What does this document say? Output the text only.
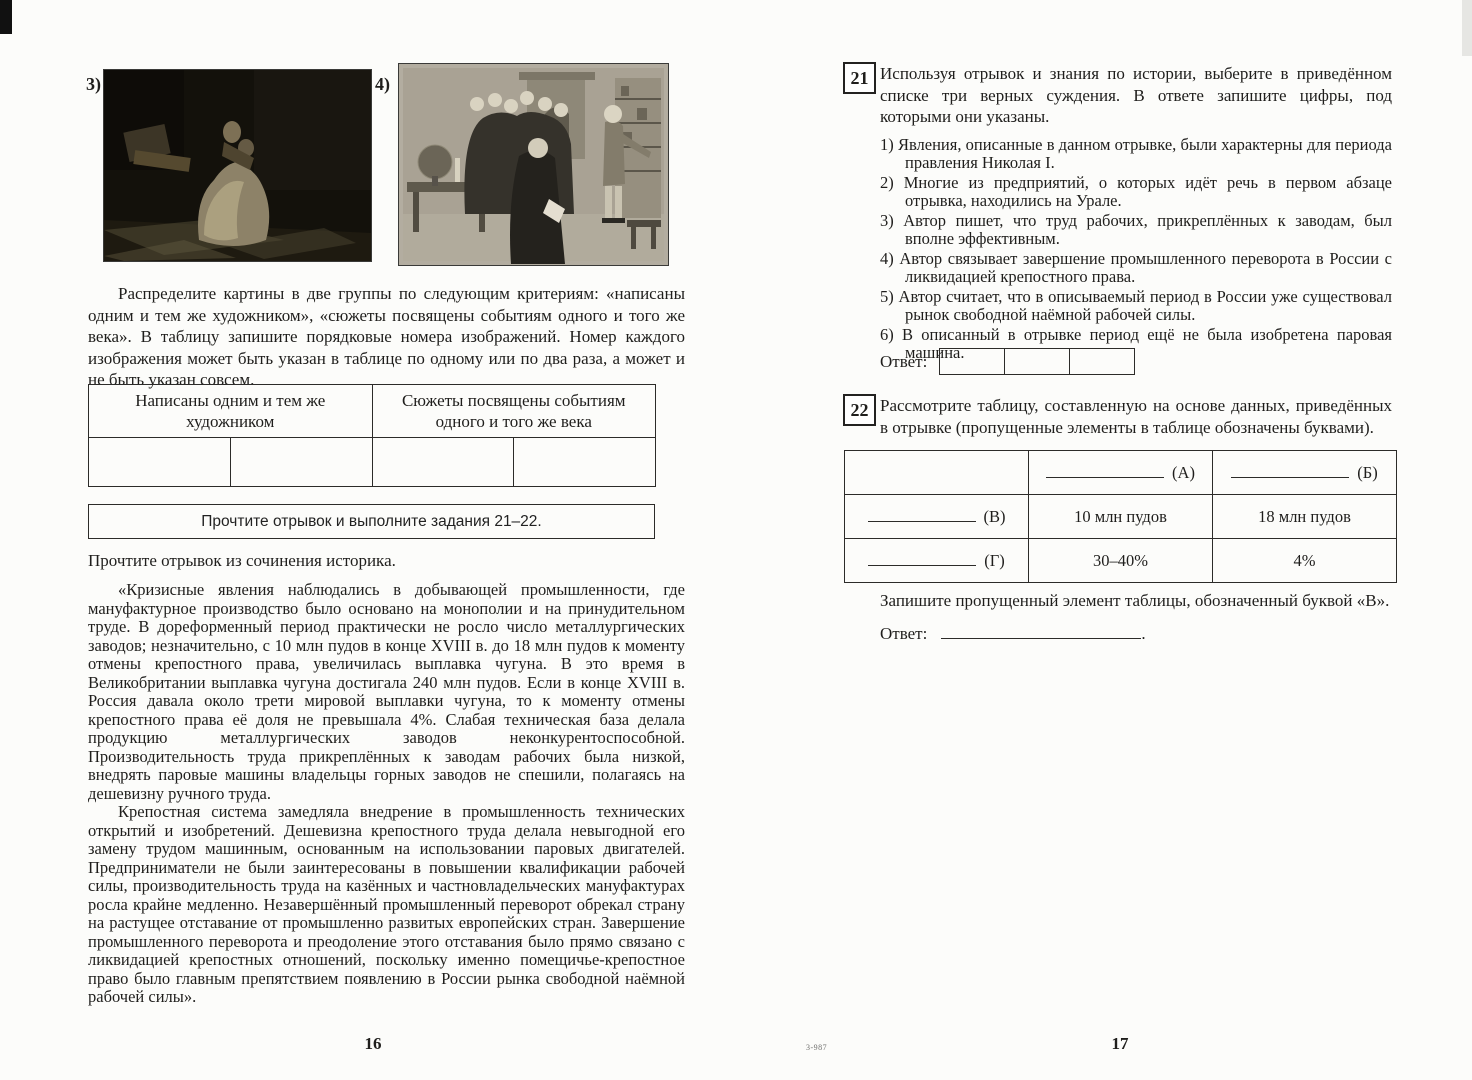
3)	4)

Распределите картины в две группы по следующим критериям: «написаны одним и тем же художником», «сюжеты посвящены событиям одного и того же века». В таблицу запишите порядковые номера изображений. Номер каждого изображения может быть указан в таблице по одному или по два раза, а может и не быть указан совсем.

Написаны одним и тем же художником		Сюжеты посвящены событиям одного и того же века	

Прочтите отрывок и выполните задания 21–22.
Прочтите отрывок из сочинения историка.

«Кризисные явления наблюдались в добывающей промышленности, где мануфактурное производство было основано на монополии и на принудительном труде. В дореформенный период практически не росло число металлургических заводов; незначительно, с 10 млн пудов в конце XVIII в. до 18 млн пудов к моменту отмены крепостного права, увеличилась выплавка чугуна. В это время в Великобритании выплавка чугуна достигала 240 млн пудов. Если в конце XVIII в. Россия давала около трети мировой выплавки чугуна, то к моменту отмены крепостного права её доля не превышала 4%. Слабая техническая база делала продукцию металлургических заводов неконкурентоспособной. Производительность труда прикреплённых к заводам рабочих была низкой, внедрять паровые машины владельцы горных заводов не спешили, полагаясь на дешевизну ручного труда.

Крепостная система замедляла внедрение в промышленность технических открытий и изобретений. Дешевизна крепостного труда делала невыгодной его замену трудом машинным, основанным на использовании паровых двигателей. Предприниматели не были заинтересованы в повышении квалификации рабочей силы, производительность труда на казённых и частновладельческих мануфактурах росла крайне медленно. Незавершённый промышленный переворот обрекал страну на растущее отставание от промышленно развитых европейских стран. Завершение промышленного переворота и преодоление этого отставания было прямо связано с ликвидацией крепостных отношений, поскольку именно помещичье-крепостное право было главным препятствием появлению в России рынка свободной наёмной рабочей силы».

16
21 Используя отрывок и знания по истории, выберите в приведённом списке три верных суждения. В ответе запишите цифры, под которыми они указаны.

1) Явления, описанные в данном отрывке, были характерны для периода правления Николая I.
2) Многие из предприятий, о которых идёт речь в первом абзаце отрывка, находились на Урале.
3) Автор пишет, что труд рабочих, прикреплённых к заводам, был вполне эффективным.
4) Автор связывает завершение промышленного переворота в России с ликвидацией крепостного права.
5) Автор считает, что в описываемый период в России уже существовал рынок свободной наёмной рабочей силы.
6) В описанный в отрывке период ещё не была изобретена паровая машина.
Ответ:
22 Рассмотрите таблицу, составленную на основе данных, приведённых в отрывке (пропущенные элементы в таблице обозначены буквами).

	(А)	(Б)
(В)	10 млн пудов	18 млн пудов
(Г)	30–40%	4%

Запишите пропущенный элемент таблицы, обозначенный буквой «В».

Ответ:	.
17
3-987
